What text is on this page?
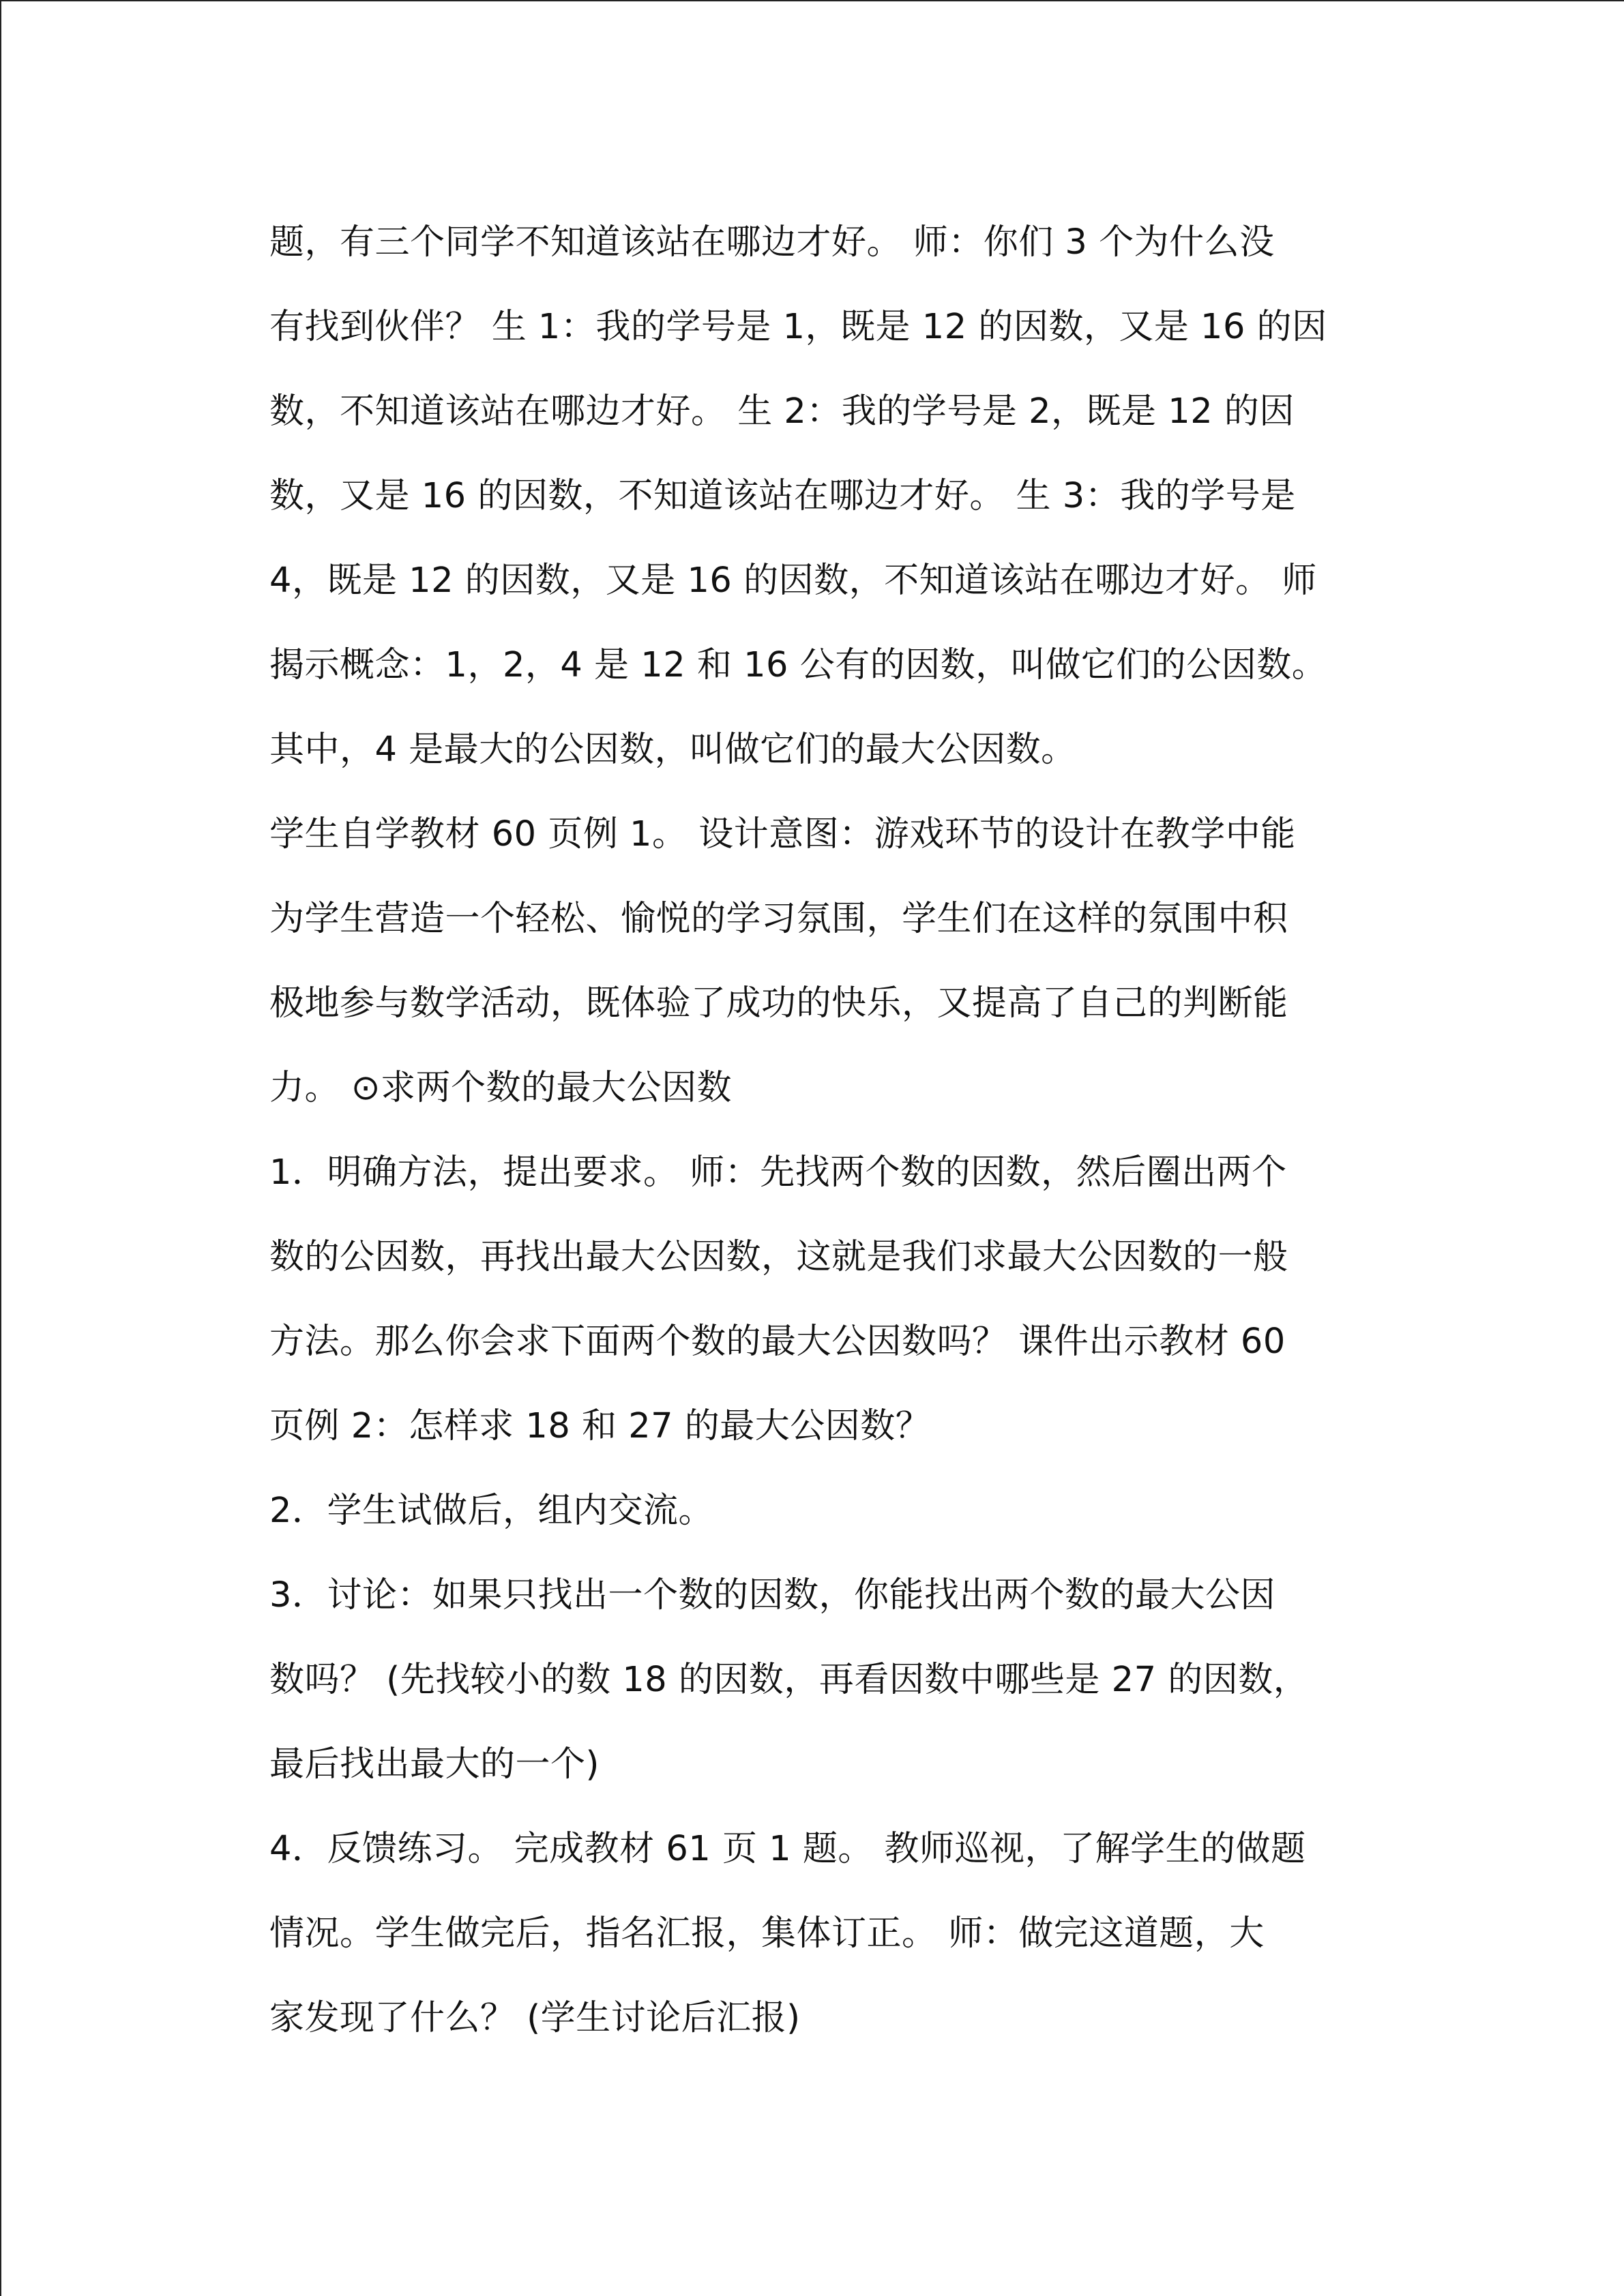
题，有三个同学不知道该站在哪边才好。 师：你们 3 个为什么没
有找到伙伴？ 生 1：我的学号是 1，既是 12 的因数，又是 16 的因
数，不知道该站在哪边才好。 生 2：我的学号是 2，既是 12 的因
数，又是 16 的因数，不知道该站在哪边才好。 生 3：我的学号是
4，既是 12 的因数，又是 16 的因数，不知道该站在哪边才好。 师
揭示概念：1，2，4 是 12 和 16 公有的因数，叫做它们的公因数。
其中，4 是最大的公因数，叫做它们的最大公因数。
学生自学教材 60 页例 1。 设计意图：游戏环节的设计在教学中能
为学生营造一个轻松、愉悦的学习氛围，学生们在这样的氛围中积
极地参与数学活动，既体验了成功的快乐，又提高了自己的判断能
力。 ⊙求两个数的最大公因数
1．明确方法，提出要求。 师：先找两个数的因数，然后圈出两个
数的公因数，再找出最大公因数，这就是我们求最大公因数的一般
方法。那么你会求下面两个数的最大公因数吗？ 课件出示教材 60
页例 2：怎样求 18 和 27 的最大公因数？
2．学生试做后，组内交流。
3．讨论：如果只找出一个数的因数，你能找出两个数的最大公因
数吗？ (先找较小的数 18 的因数，再看因数中哪些是 27 的因数，
最后找出最大的一个)
4．反馈练习。 完成教材 61 页 1 题。 教师巡视，了解学生的做题
情况。学生做完后，指名汇报，集体订正。 师：做完这道题，大
家发现了什么？ (学生讨论后汇报)
